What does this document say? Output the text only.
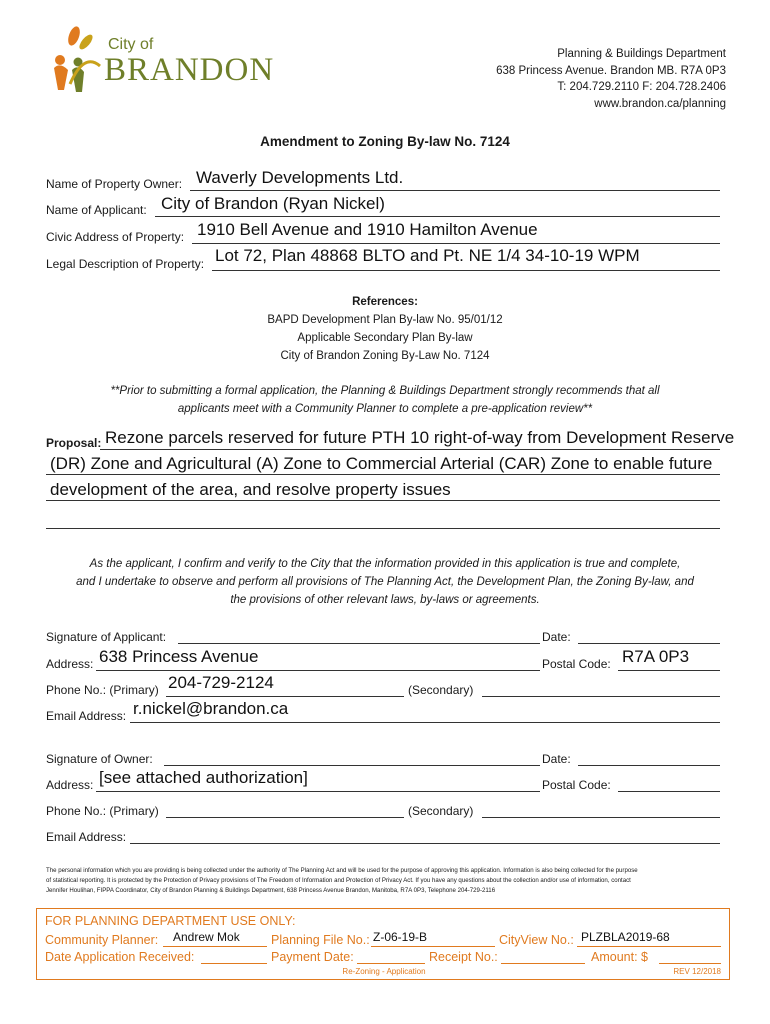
City of
BRANDON	Planning & Buildings Department
638 Princess Avenue. Brandon MB. R7A 0P3
T: 204.729.2110 F: 204.728.2406
www.brandon.ca/planning
Amendment to Zoning By-law No. 7124
Name of Property Owner: Waverly Developments Ltd.
Name of Applicant: City of Brandon (Ryan Nickel)
Civic Address of Property: 1910 Bell Avenue and 1910 Hamilton Avenue
Legal Description of Property: Lot 72, Plan 48868 BLTO and Pt. NE 1/4 34-10-19 WPM
References:
BAPD Development Plan By-law No. 95/01/12
Applicable Secondary Plan By-law
City of Brandon Zoning By-Law No. 7124
**Prior to submitting a formal application, the Planning & Buildings Department strongly recommends that all
applicants meet with a Community Planner to complete a pre-application review**
Proposal: Rezone parcels reserved for future PTH 10 right-of-way from Development Reserve
(DR) Zone and Agricultural (A) Zone to Commercial Arterial (CAR) Zone to enable future
development of the area, and resolve property issues
As the applicant, I confirm and verify to the City that the information provided in this application is true and complete,
and I undertake to observe and perform all provisions of The Planning Act, the Development Plan, the Zoning By-law, and
the provisions of other relevant laws, by-laws or agreements.
Signature of Applicant:	Date:
Address: 638 Princess Avenue	Postal Code: R7A 0P3
Phone No.: (Primary) 204-729-2124	(Secondary)
Email Address: r.nickel@brandon.ca
Signature of Owner:	Date:
Address: [see attached authorization]	Postal Code:
Phone No.: (Primary)	(Secondary)
Email Address:
The personal information which you are providing is being collected under the authority of The Planning Act and will be used for the purpose of approving this application. Information is also being collected for the purpose
of statistical reporting. It is protected by the Protection of Privacy provisions of The Freedom of Information and Protection of Privacy Act. If you have any questions about the collection and/or use of information, contact
Jennifer Houlihan, FIPPA Coordinator, City of Brandon Planning & Buildings Department, 638 Princess Avenue Brandon, Manitoba, R7A 0P3, Telephone 204-729-2116
FOR PLANNING DEPARTMENT USE ONLY:
Community Planner: Andrew Mok	Planning File No.: Z-06-19-B	CityView No.: PLZBLA2019-68
Date Application Received:	Payment Date:	Receipt No.:	Amount: $
Re-Zoning - Application	REV 12/2018
